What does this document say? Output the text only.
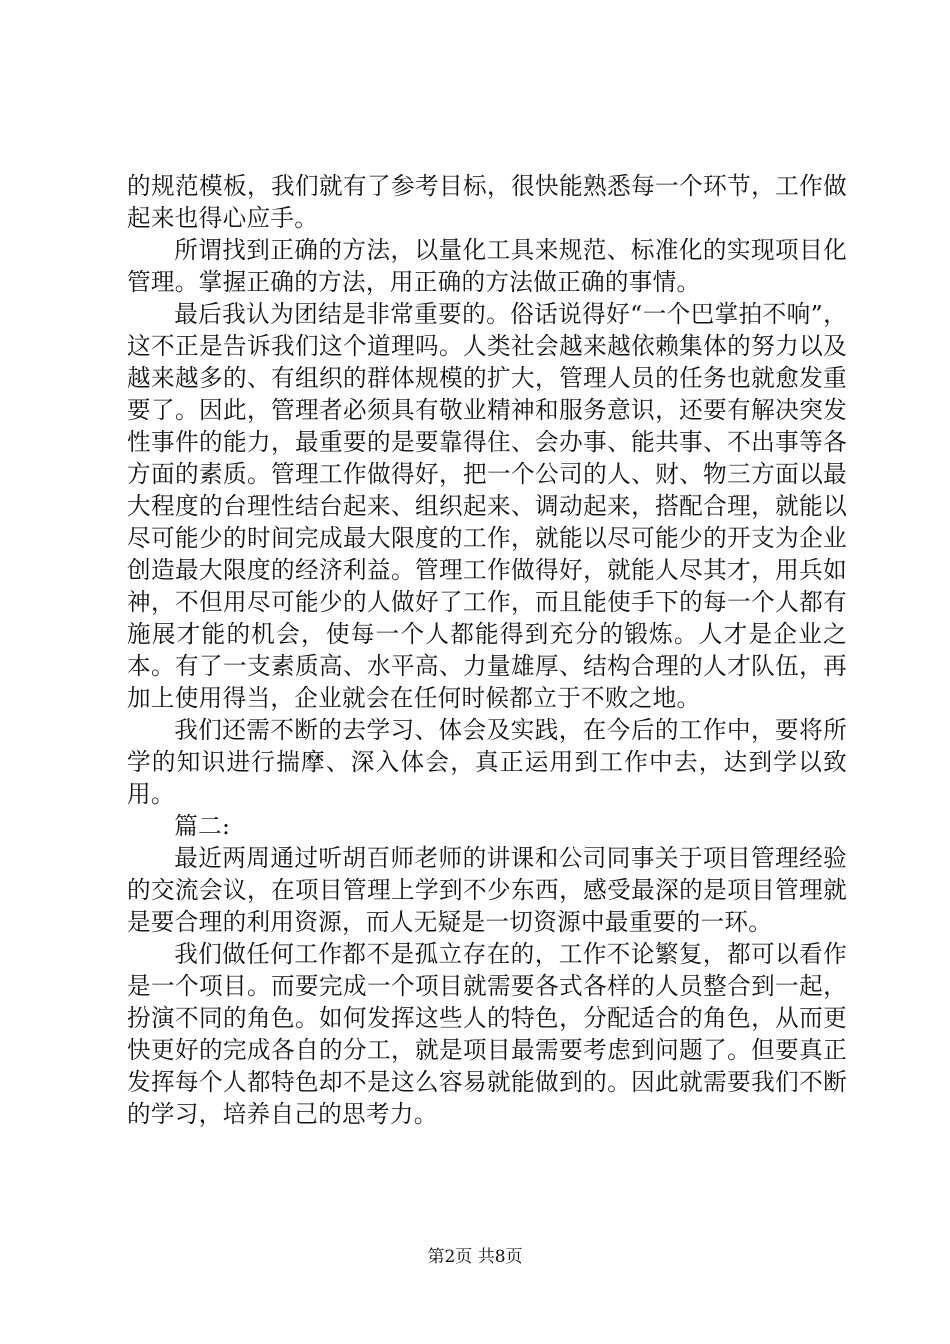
的规范模板，我们就有了参考目标，很快能熟悉每一个环节，工作做起来也得心应手。

所谓找到正确的方法，以量化工具来规范、标准化的实现项目化管理。掌握正确的方法，用正确的方法做正确的事情。

最后我认为团结是非常重要的。俗话说得好“一个巴掌拍不响”，这不正是告诉我们这个道理吗。人类社会越来越依赖集体的努力以及越来越多的、有组织的群体规模的扩大，管理人员的任务也就愈发重要了。因此，管理者必须具有敬业精神和服务意识，还要有解决突发性事件的能力，最重要的是要靠得住、会办事、能共事、不出事等各方面的素质。管理工作做得好，把一个公司的人、财、物三方面以最大程度的台理性结台起来、组织起来、调动起来，搭配合理，就能以尽可能少的时间完成最大限度的工作，就能以尽可能少的开支为企业创造最大限度的经济利益。管理工作做得好，就能人尽其才，用兵如神，不但用尽可能少的人做好了工作，而且能使手下的每一个人都有施展才能的机会，使每一个人都能得到充分的锻炼。人才是企业之本。有了一支素质高、水平高、力量雄厚、结构合理的人才队伍，再加上使用得当，企业就会在任何时候都立于不败之地。

我们还需不断的去学习、体会及实践，在今后的工作中，要将所学的知识进行揣摩、深入体会，真正运用到工作中去，达到学以致用。

篇二:

最近两周通过听胡百师老师的讲课和公司同事关于项目管理经验的交流会议，在项目管理上学到不少东西，感受最深的是项目管理就是要合理的利用资源，而人无疑是一切资源中最重要的一环。

我们做任何工作都不是孤立存在的，工作不论繁复，都可以看作是一个项目。而要完成一个项目就需要各式各样的人员整合到一起，扮演不同的角色。如何发挥这些人的特色，分配适合的角色，从而更快更好的完成各自的分工，就是项目最需要考虑到问题了。但要真正发挥每个人都特色却不是这么容易就能做到的。因此就需要我们不断的学习，培养自己的思考力。

第2页 共8页
